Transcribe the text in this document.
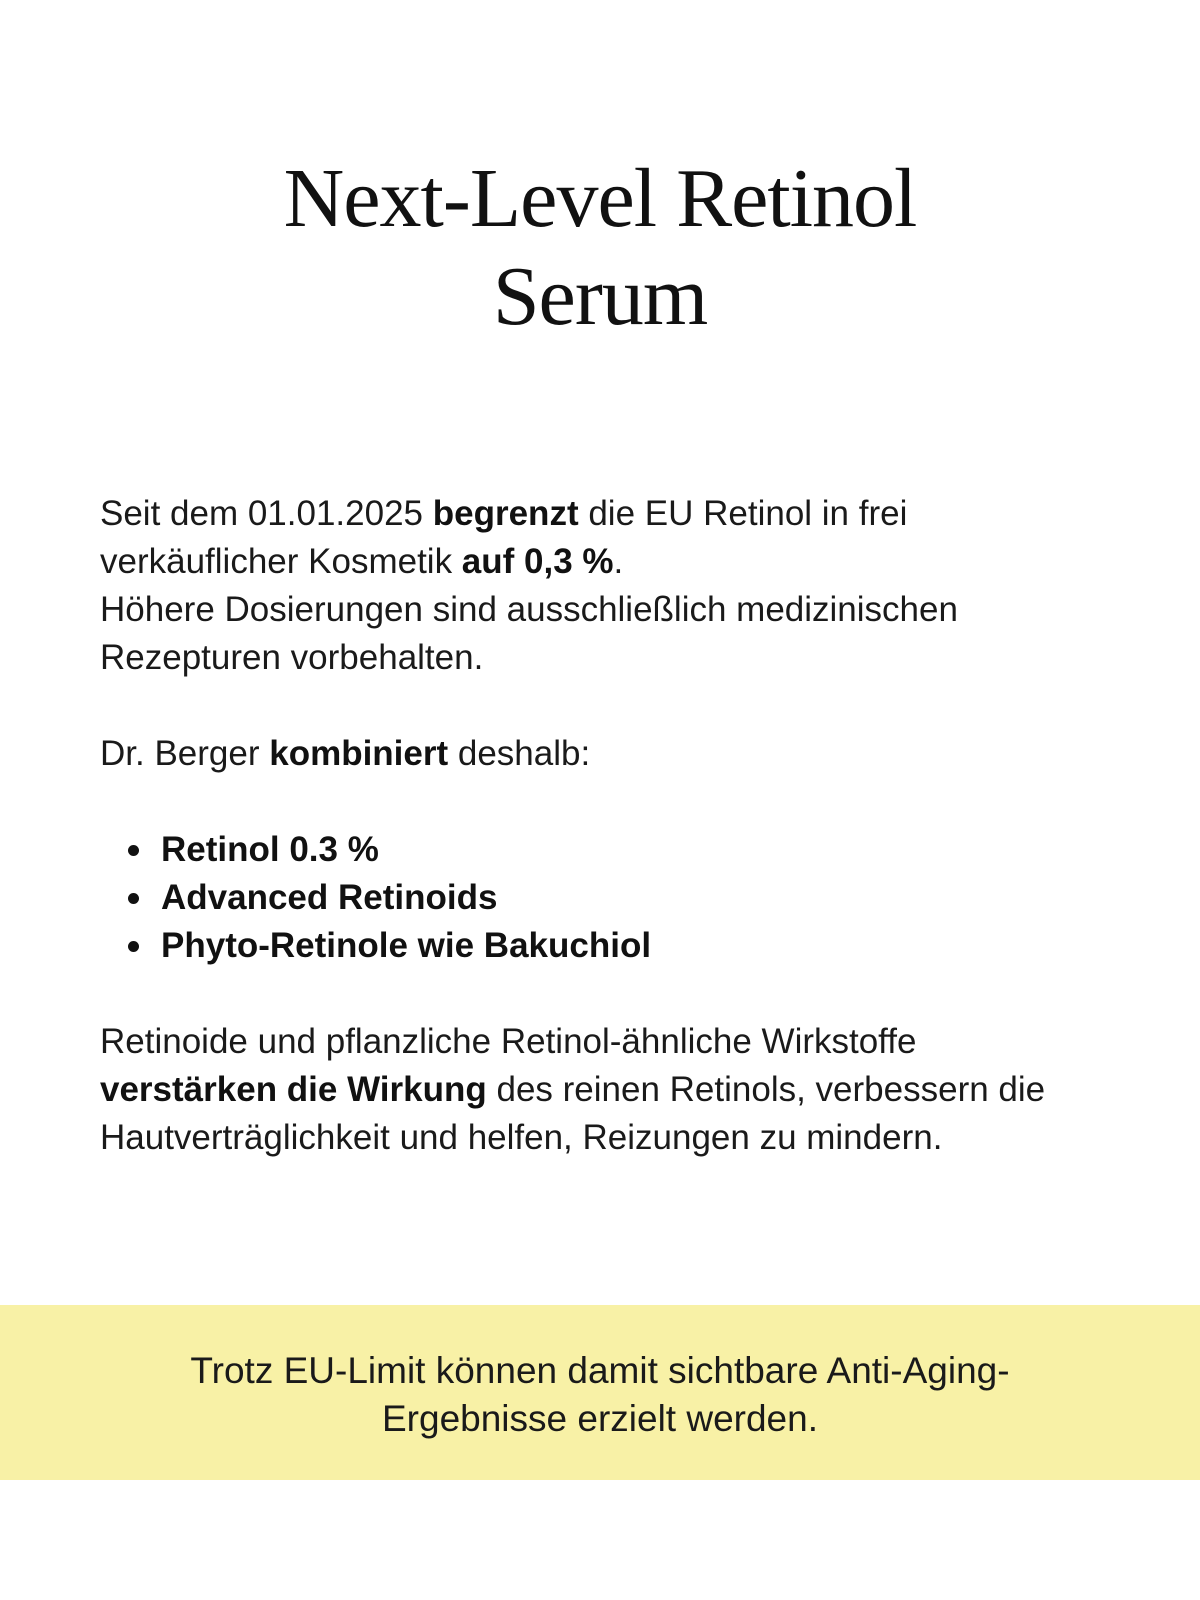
Next-Level Retinol
Serum

Seit dem 01.01.2025 begrenzt die EU Retinol in frei verkäuflicher Kosmetik auf 0,3 %.

Höhere Dosierungen sind ausschließlich medizinischen Rezepturen vorbehalten.

Dr. Berger kombiniert deshalb:

Retinol 0.3 %
Advanced Retinoids
Phyto-Retinole wie Bakuchiol

Retinoide und pflanzliche Retinol-ähnliche Wirkstoffe verstärken die Wirkung des reinen Retinols, verbessern die Hautverträglichkeit und helfen, Reizungen zu mindern.

Trotz EU-Limit können damit sichtbare Anti-Aging-Ergebnisse erzielt werden.
